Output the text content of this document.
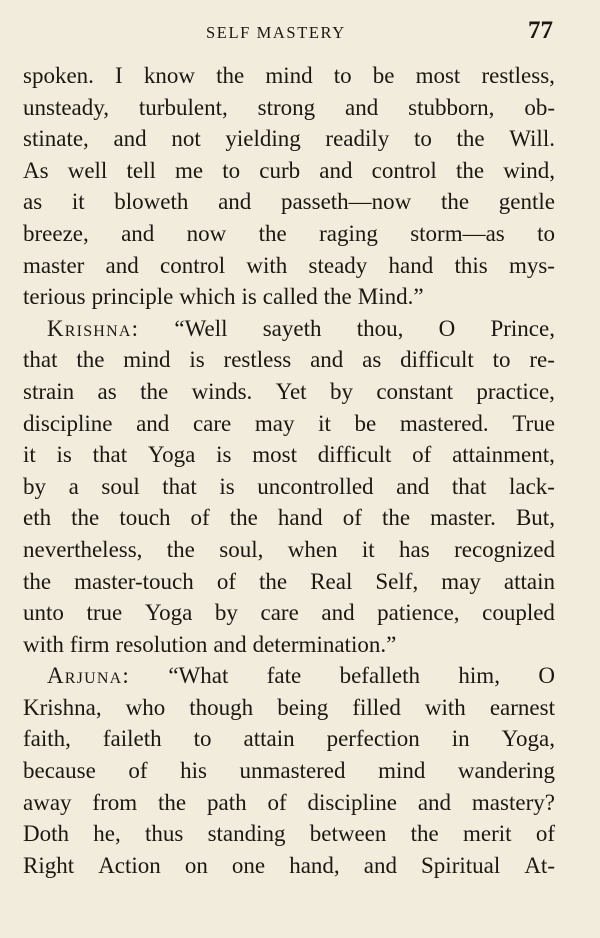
SELF MASTERY	77
spoken. I know the mind to be most restless,
unsteady, turbulent, strong and stubborn, ob-
stinate, and not yielding readily to the Will.
As well tell me to curb and control the wind,
as it bloweth and passeth—now the gentle
breeze, and now the raging storm—as to
master and control with steady hand this mys-
terious principle which is called the Mind.”
Krishna: “Well sayeth thou, O Prince,
that the mind is restless and as difficult to re-
strain as the winds. Yet by constant practice,
discipline and care may it be mastered. True
it is that Yoga is most difficult of attainment,
by a soul that is uncontrolled and that lack-
eth the touch of the hand of the master. But,
nevertheless, the soul, when it has recognized
the master-touch of the Real Self, may attain
unto true Yoga by care and patience, coupled
with firm resolution and determination.”
Arjuna: “What fate befalleth him, O
Krishna, who though being filled with earnest
faith, faileth to attain perfection in Yoga,
because of his unmastered mind wandering
away from the path of discipline and mastery?
Doth he, thus standing between the merit of
Right Action on one hand, and Spiritual At-
